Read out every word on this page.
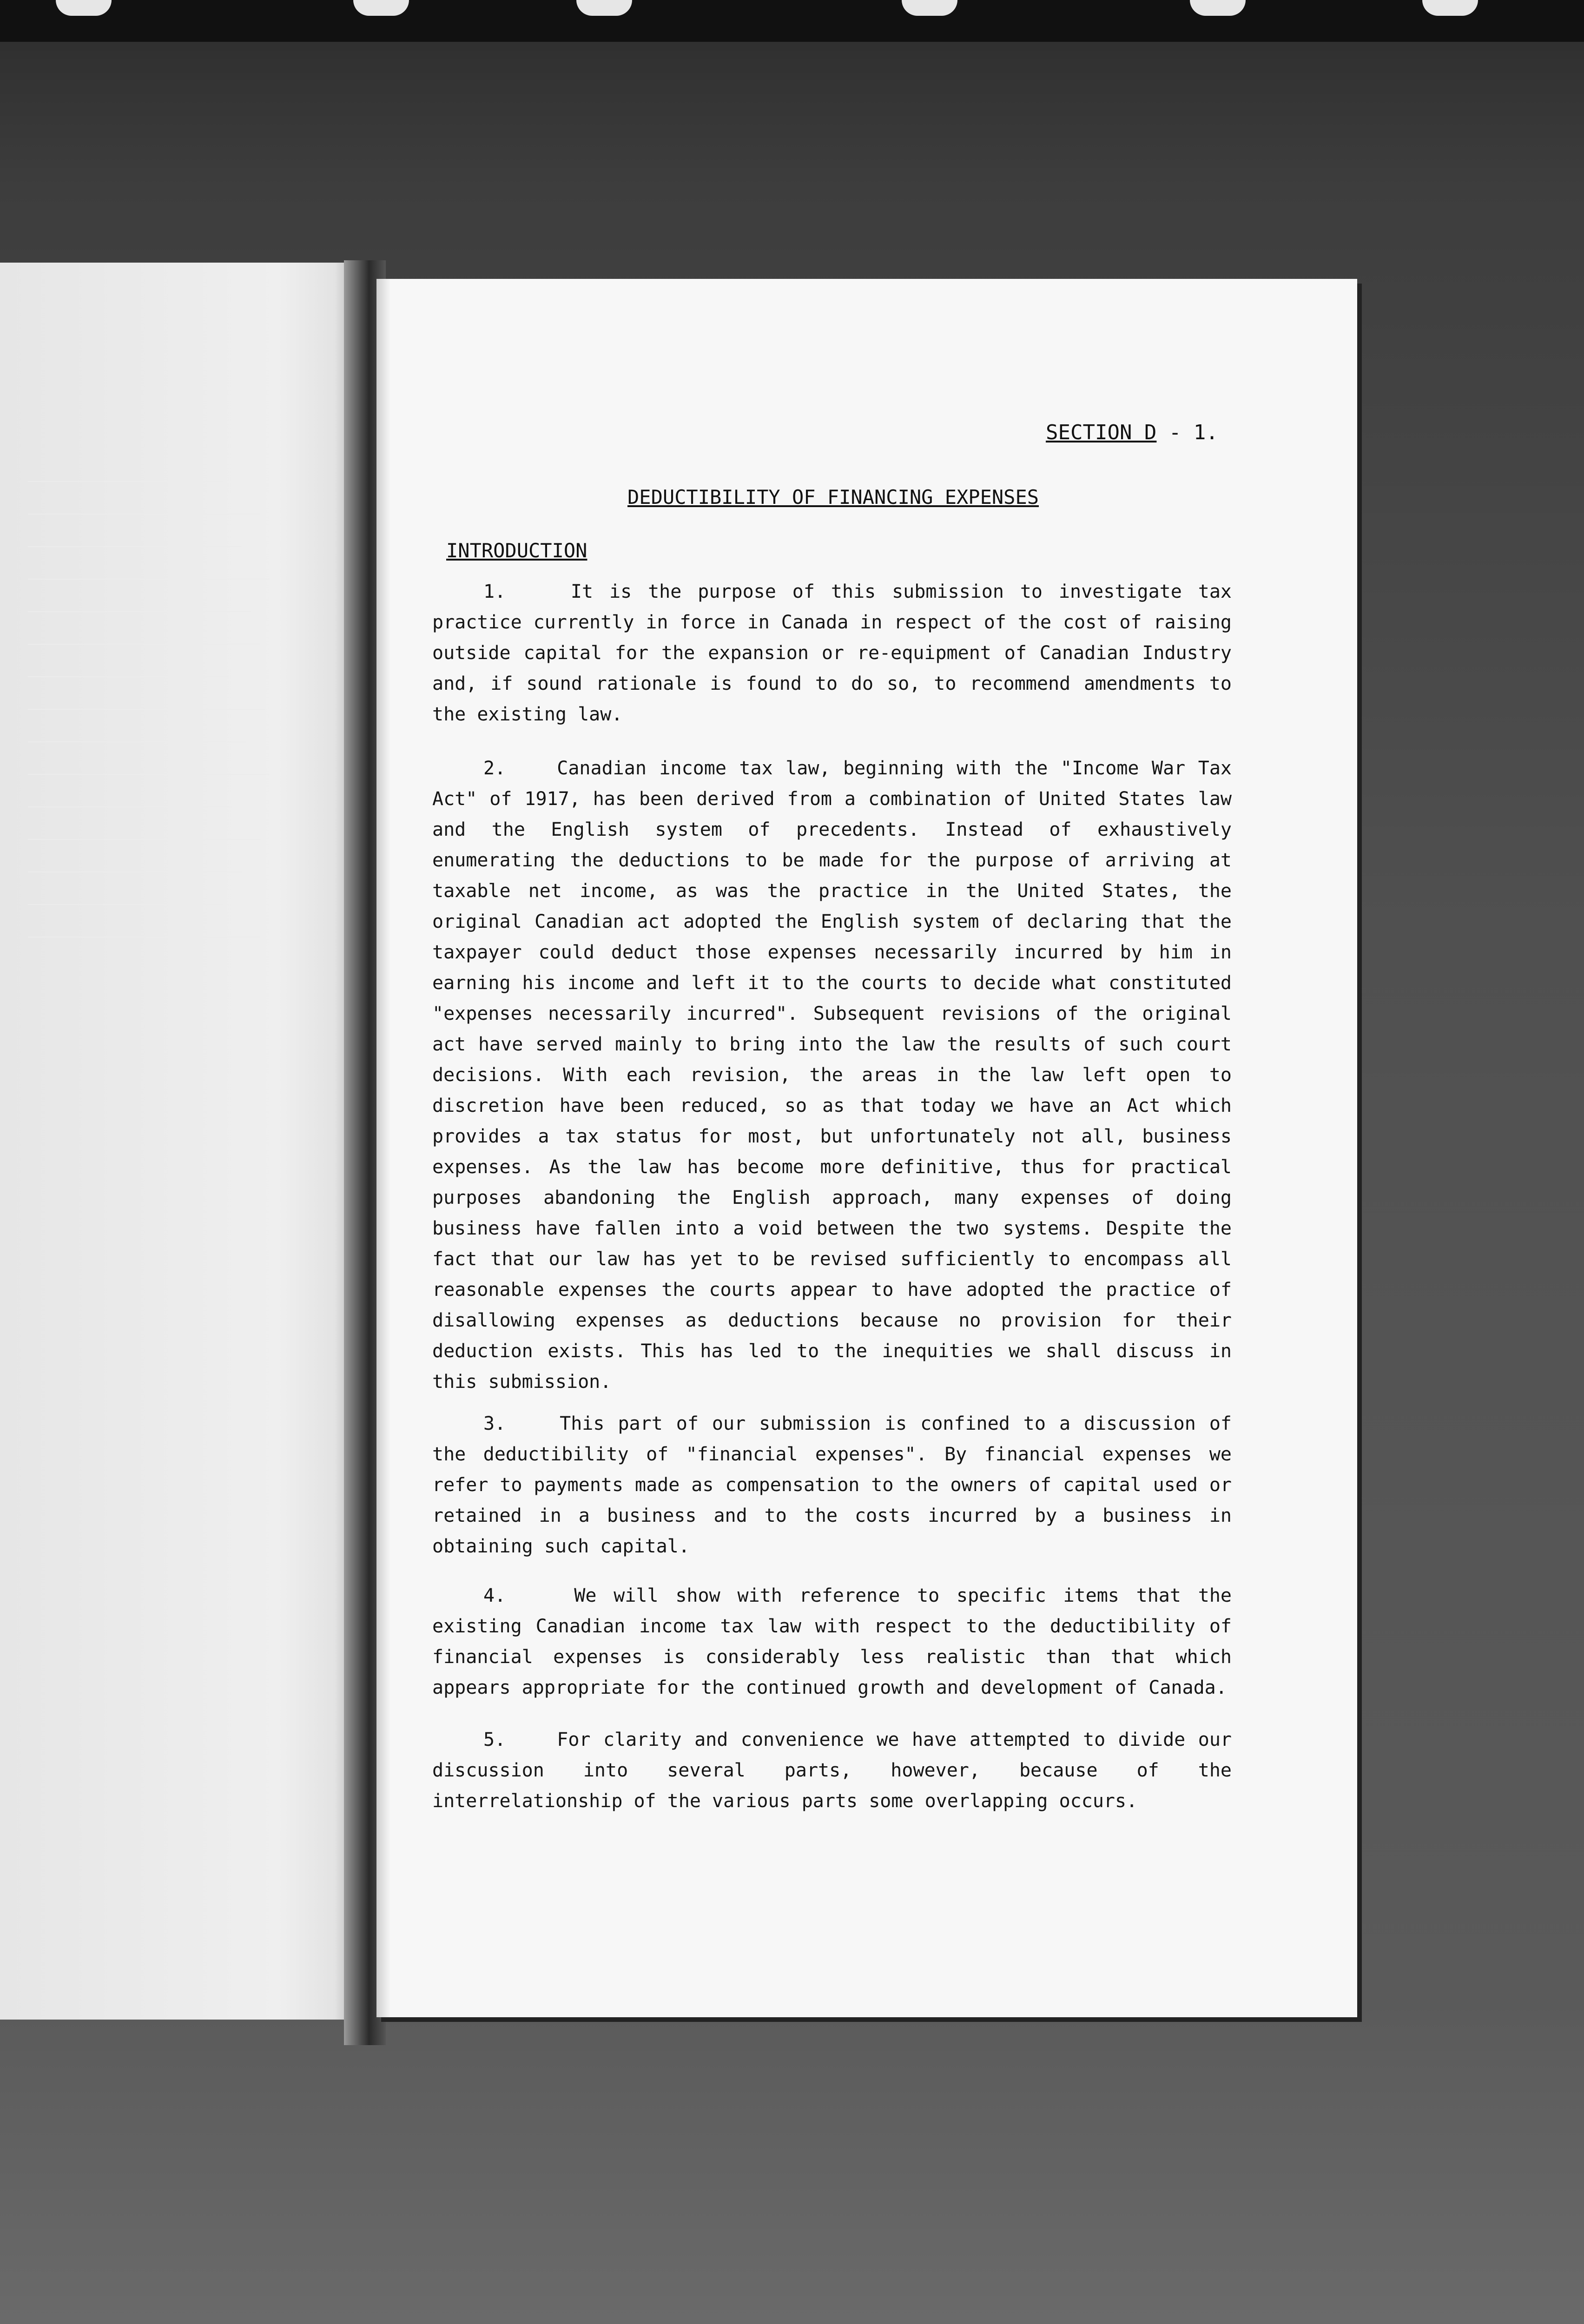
SECTION D - 1.
DEDUCTIBILITY OF FINANCING EXPENSES
INTRODUCTION

1.	It is the purpose of this submission to investigate tax practice currently in force in Canada in respect of the cost of raising outside capital for the expansion or re-equipment of Canadian Industry and, if sound rationale is found to do so, to recommend amendments to the existing law.

2.	Canadian income tax law, beginning with the "Income War Tax Act" of 1917, has been derived from a combination of United States law and the English system of precedents. Instead of exhaustively enumerating the deductions to be made for the purpose of arriving at taxable net income, as was the practice in the United States, the original Canadian act adopted the English system of declaring that the taxpayer could deduct those expenses necessarily incurred by him in earning his income and left it to the courts to decide what constituted "expenses necessarily incurred". Subsequent revisions of the original act have served mainly to bring into the law the results of such court decisions. With each revision, the areas in the law left open to discretion have been reduced, so as that today we have an Act which provides a tax status for most, but unfortunately not all, business expenses. As the law has become more definitive, thus for practical purposes abandoning the English approach, many expenses of doing business have fallen into a void between the two systems. Despite the fact that our law has yet to be revised sufficiently to encompass all reasonable expenses the courts appear to have adopted the practice of disallowing expenses as deductions because no provision for their deduction exists. This has led to the inequities we shall discuss in this submission.

3.	This part of our submission is confined to a discussion of the deductibility of "financial expenses". By financial expenses we refer to payments made as compensation to the owners of capital used or retained in a business and to the costs incurred by a business in obtaining such capital.

4.	We will show with reference to specific items that the existing Canadian income tax law with respect to the deductibility of financial expenses is considerably less realistic than that which appears appropriate for the continued growth and development of Canada.

5.	For clarity and convenience we have attempted to divide our discussion into several parts, however, because of the interrelationship of the various parts some overlapping occurs.
